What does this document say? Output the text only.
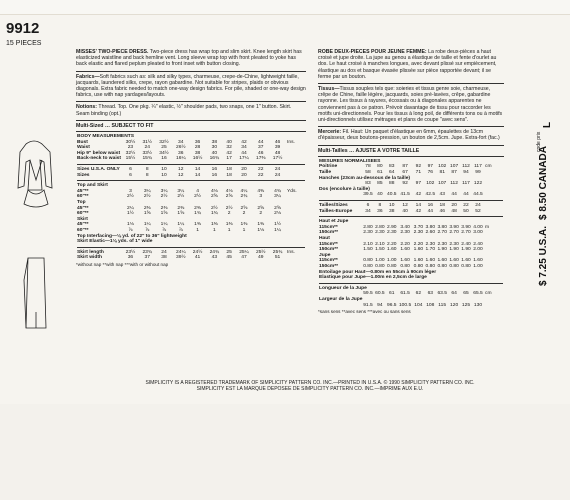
9912
15 PIECES

MISSES' TWO-PIECE DRESS. Two-piece dress has wrap top and slim skirt. Knee length skirt has elasticized waistline and back hemline vent. Long sleeve wrap top with front pleated to yoke has back elastic and flared peplum pleated to front inset with button closing.

Fabrics—Soft fabrics such as: silk and silky types, charmeuse, crepe-de-Chine, lightweight faille, jacquards, laundered silks, crepe, rayon gabardine. Not suitable for stripes, plaids or obvious diagonals. Extra fabric needed to match one-way design fabrics. For pile, shaded or one-way design fabrics, use with nap yardages/layouts.

Notions: Thread. Top. One pkg. ¼" elastic, ½" shoulder pads, two snaps, one 1" button. Skirt. Seam binding (opt.)

Multi-Sized … SUBJECT TO FIT
BODY MEASUREMENTS											
Bust	30½	31½	32½	34	36	38	40	42	44	46	Ins.
Waist	23	24	25	26½	28	30	32	34	37	39	
Hip 9" below waist	32½	33½	34½	36	38	40	42	44	46	48	
Back-neck to waist	15½	15¾	16	16¼	16½	16¾	17	17¼	17⅜	17½	

Sizes U.S.A. ONLY	6	8	10	12	14	16	18	20	22	24	
Sizes	6	8	10	12	14	16	18	20	22	24	

Top and Skirt											
45"**	3	3¼	3¼	3¼	4	4⅛	4⅛	4¼	4⅜	4¾	Yds.
60"**	2½	2½	2½	2½	2½	2⅝	2⅝	2¾	3	3¼	
Top											
45"**	2¼	2⅜	2⅜	2⅜	2⅜	2½	2½	2⅝	2⅝	2⅝	
60"**	1½	1⅝	1⅝	1⅝	1¾	1¾	2	2	2	2⅛	
Skirt											
45"**	1⅛	1¼	1¼	1¼	1⅜	1⅜	1⅜	1⅜	1⅜	1½	
60"**	⅞	⅞	⅞	⅞	1	1	1	1	1⅛	1¼	
Top Interfacing—⅛ yd. of 22" to 36" lightweight											
Skirt Elastic—1⅛ yds. of 1" wide											

Skirt length	23½	23¾	24	24¼	24½	24¾	25	25¼	25½	25¾	Ins.
Skirt width	36	37	38	39½	41	43	45	47	49	51	
*without nap **with nap ***with or without nap

ROBE DEUX-PIECES POUR JEUNE FEMME: La robe deux-pièces a haut croisé et jupe droite. La jupe au genou a élastique de taille et fente d'ourlet au dos. Le haut croisé à manches longues, avec devant plissé sur empiècement, élastique au dos et basque évasée plissée sur pièce rapportée devant; il se ferme par un bouton.

Tissus—Tissus souples tels que: soieries et tissus genre soie, charmeuse, crêpe de Chine, faille légère, jacquards, soies pré-lavées, crêpe, gabardine rayonne. Les tissus à rayures, écossais ou à diagonales apparentes ne conviennent pas à ce patron. Prévoir davantage de tissu pour raccorder les motifs uni-directionnels. Pour les tissus à long poil, de différents tons ou à motifs uni-directionnels utilisez métrages et plans de coupe "avec sens".

Mercerie: Fil. Haut: Un paquet d'élastique en 6mm, épaulettes de 13cm d'épaisseur, deux boutons-pression, un bouton de 2,5cm. Jupe. Extra-fort (fac.)

Multi-Tailles … AJUSTE A VOTRE TAILLE
MESURES NORMALISEES											
Poitrine	78	80	83	87	92	97	102	107	112	117	cm
Taille	58	61	64	67	71	76	81	87	94	99	
Hanches (23cm au-dessous de la taille)											
	83	85	88	92	97	102	107	112	117	122	
Dos (encolure à taille)											
	39.5	40	40.5	41.5	42	42.5	43	44	44	44.5	

Tailles/Sizes	6	8	10	12	14	16	18	20	22	24	
Tailles-Europe	34	36	38	40	42	44	46	48	50	52	

Haut et Jupe											
115cm**	2.80	2.80	2.90	3.40	3.70	3.80	3.80	3.90	3.90	4.00	m
150cm**	2.30	2.30	2.30	2.30	2.30	2.60	2.70	2.70	2.70	3.00	
Haut											
115cm**	2.10	2.10	2.20	2.20	2.20	2.30	2.30	2.30	2.40	2.40	
150cm**	1.50	1.50	1.60	1.60	1.60	1.70	1.90	1.90	1.90	2.00	
Jupe											
115cm**	0.80	1.00	1.00	1.60	1.60	1.60	1.60	1.60	1.60	1.60	
150cm**	0.80	0.80	0.80	0.80	0.80	0.80	0.80	0.80	0.80	1.00	
Entoilage pour Haut—0.80m en 55cm à 90cm léger											
Elastique pour Jupe—1.00m en 2,5cm de large											

Longueur de la Jupe											
	59.5	60.5	61	61.5	62	63	63.5	64	65	65.5	cm
Largeur de la Jupe											
	91.5	94	96.5	100.5	104	108	115	120	125	130	
*sans sens **avec sens ***avec ou sans sens
L
code prix
$ 8.50 CANADA
$ 7.25 U.S.A.
SIMPLICITY IS A REGISTERED TRADEMARK OF SIMPLICITY PATTERN CO. INC.—PRINTED IN U.S.A. © 1990 SIMPLICITY PATTERN CO. INC.
SIMPLICITY EST LA MARQUE DEPOSEE DE SIMPLICITY PATTERN CO. INC.—IMPRIME AUX E.U.
